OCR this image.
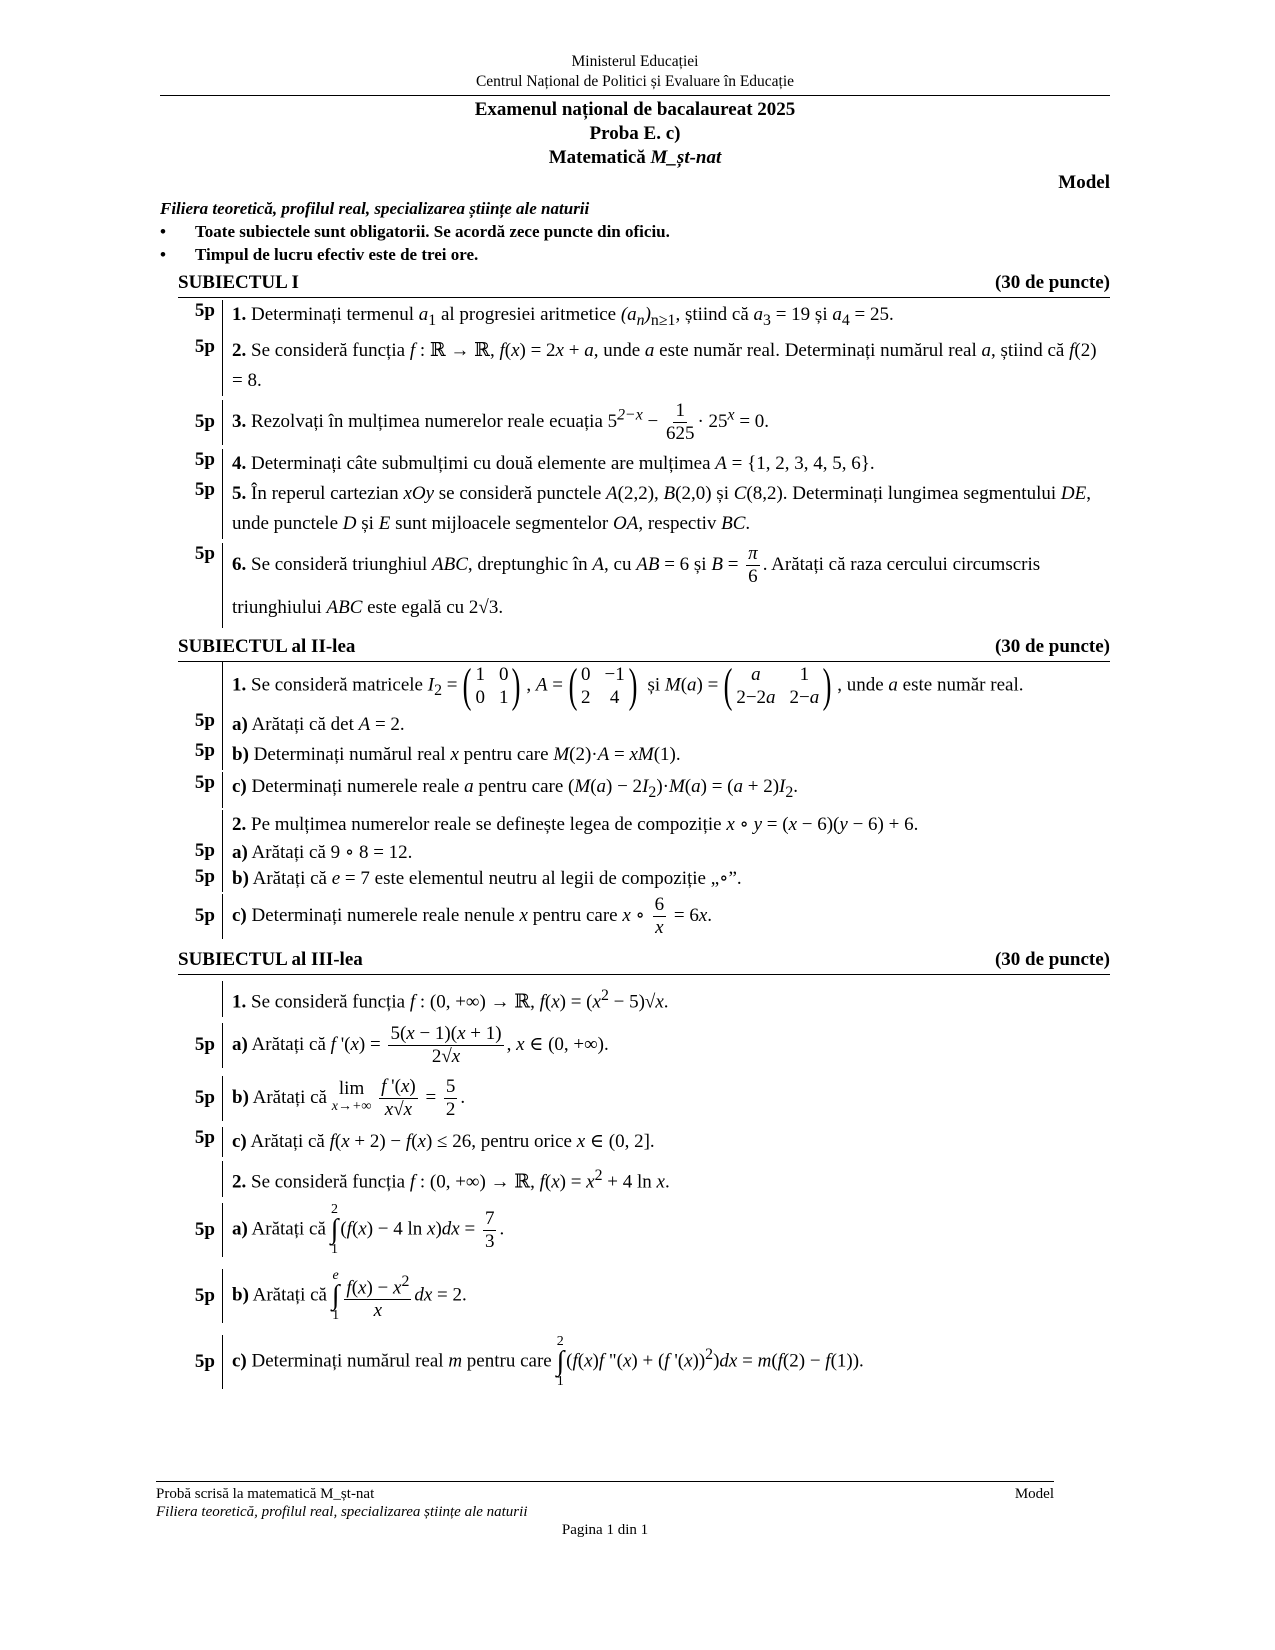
Ministerul Educației
Centrul Național de Politici și Evaluare în Educație
Examenul național de bacalaureat 2025
Proba E. c)
Matematică M_șt-nat
Model
Filiera teoretică, profilul real, specializarea științe ale naturii
• Toate subiectele sunt obligatorii. Se acordă zece puncte din oficiu.
• Timpul de lucru efectiv este de trei ore.
SUBIECTUL I	(30 de puncte)
5p 1. Determinați termenul $a_1$ al progresiei aritmetice $(a_n)_{n\ge 1}$, știind că $a_3 = 19$ și $a_4 = 25$.
5p 2. Se consideră funcția f : ℝ → ℝ, f(x) = 2x + a, unde a este număr real. Determinați numărul real a, știind că f(2) = 8.
5p 3. Rezolvați în mulțimea numerelor reale ecuația $5^{2-x} - \frac{1}{625} \cdot 25^x = 0$.
5p 4. Determinați câte submulțimi cu două elemente are mulțimea A = {1, 2, 3, 4, 5, 6}.
5p 5. În reperul cartezian xOy se consideră punctele A(2,2), B(2,0) și C(8,2). Determinați lungimea segmentului DE, unde punctele D și E sunt mijloacele segmentelor OA, respectiv BC.
5p
6. Se consideră triunghiul ABC, dreptunghic în A, cu AB = 6 și $B = \frac{\pi}{6}$ . Arătați că raza cercului circumscris triunghiului ABC este egală cu 2√3.
SUBIECTUL al II-lea	(30 de puncte)
1. Se consideră matricele $I_2$ = ( 1 0
0 1 ) , A = ( 0 −1
2 4 ) și M(a) = ( a	1
2−2a 2−a ) , unde a este număr real.
5p a) Arătați că det A = 2.
5p b) Determinați numărul real x pentru care M(2)·A = xM(1).
5p c) Determinați numerele reale a pentru care $(M(a) - 2I_2)\cdot M(a) = (a + 2)I_2$.
2. Pe mulțimea numerelor reale se definește legea de compoziție x ∘ y = (x − 6)(y − 6) + 6.
5p a) Arătați că 9 ∘ 8 = 12.
5p b) Arătați că e = 7 este elementul neutru al legii de compoziție „∘”.
5p c) Determinați numerele reale nenule x pentru care x ∘ $\frac{6}{x} = 6x$.
SUBIECTUL al III-lea	(30 de puncte)
1. Se consideră funcția f : (0, +∞) → ℝ, $f(x) = (x^2 - 5)√x$.
5p a) Arătați că f '$(x) = \frac{5(x - 1)(x + 1)}{2√x}$ , x ∈ (0, +∞).
5p b) Arătați că lim
x→+∞
$\frac{f '(x)}{x√x} = \frac{5}{2}$ .
5p c) Arătați că f(x + 2) − f(x) ≤ 26, pentru orice x ∈ (0, 2].
2. Se consideră funcția f : (0, +∞) → ℝ, $f(x) = x^2 + 4$ ln x.
5p a) Arătați că
2
∫
1
(f(x) − 4 $\ln x)dx = \frac{7}{3}$ .
5p b) Arătați că
e
∫
$1 \frac{f(x) - x^2}{x}$ dx = 2.
5p c) Determinați numărul real m pentru care
2
∫
1
(f(x)f "(x) + (f '(x))$^2$)dx = m(f(2) − f(1)).
Probă scrisă la matematică M_șt-nat	Model
Filiera teoretică, profilul real, specializarea științe ale naturii
Pagina 1 din 1
